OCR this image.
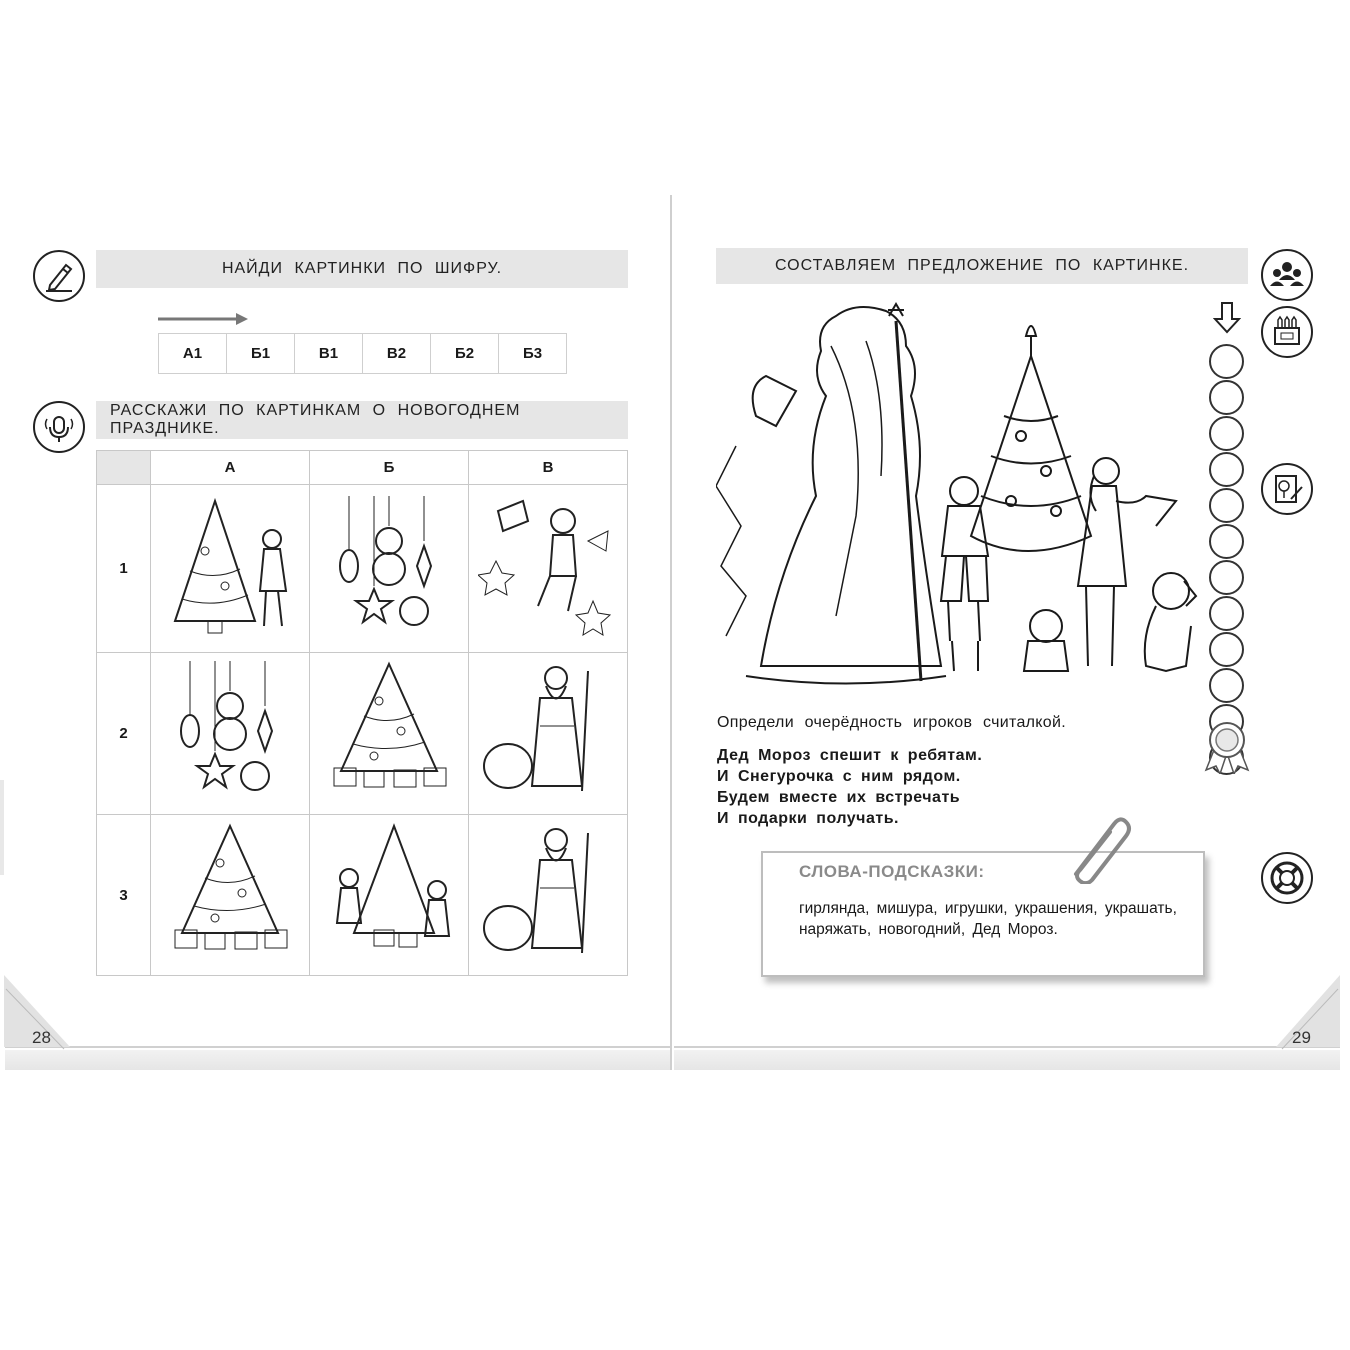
НАЙДИ КАРТИНКИ ПО ШИФРУ.
А1	Б1	В1	В2	Б2	Б3
РАССКАЖИ ПО КАРТИНКАМ О НОВОГОДНЕМ ПРАЗДНИКЕ.
	А	Б	В
1			
2			
3			
28
СОСТАВЛЯЕМ ПРЕДЛОЖЕНИЕ ПО КАРТИНКЕ.
Определи очерёдность игроков считалкой.
Дед Мороз спешит к ребятам.
И Снегурочка с ним рядом.
Будем вместе их встречать
И подарки получать.
СЛОВА-ПОДСКАЗКИ:
гирлянда, мишура, игрушки, украшения, украшать, наряжать, новогодний, Дед Мороз.
29
